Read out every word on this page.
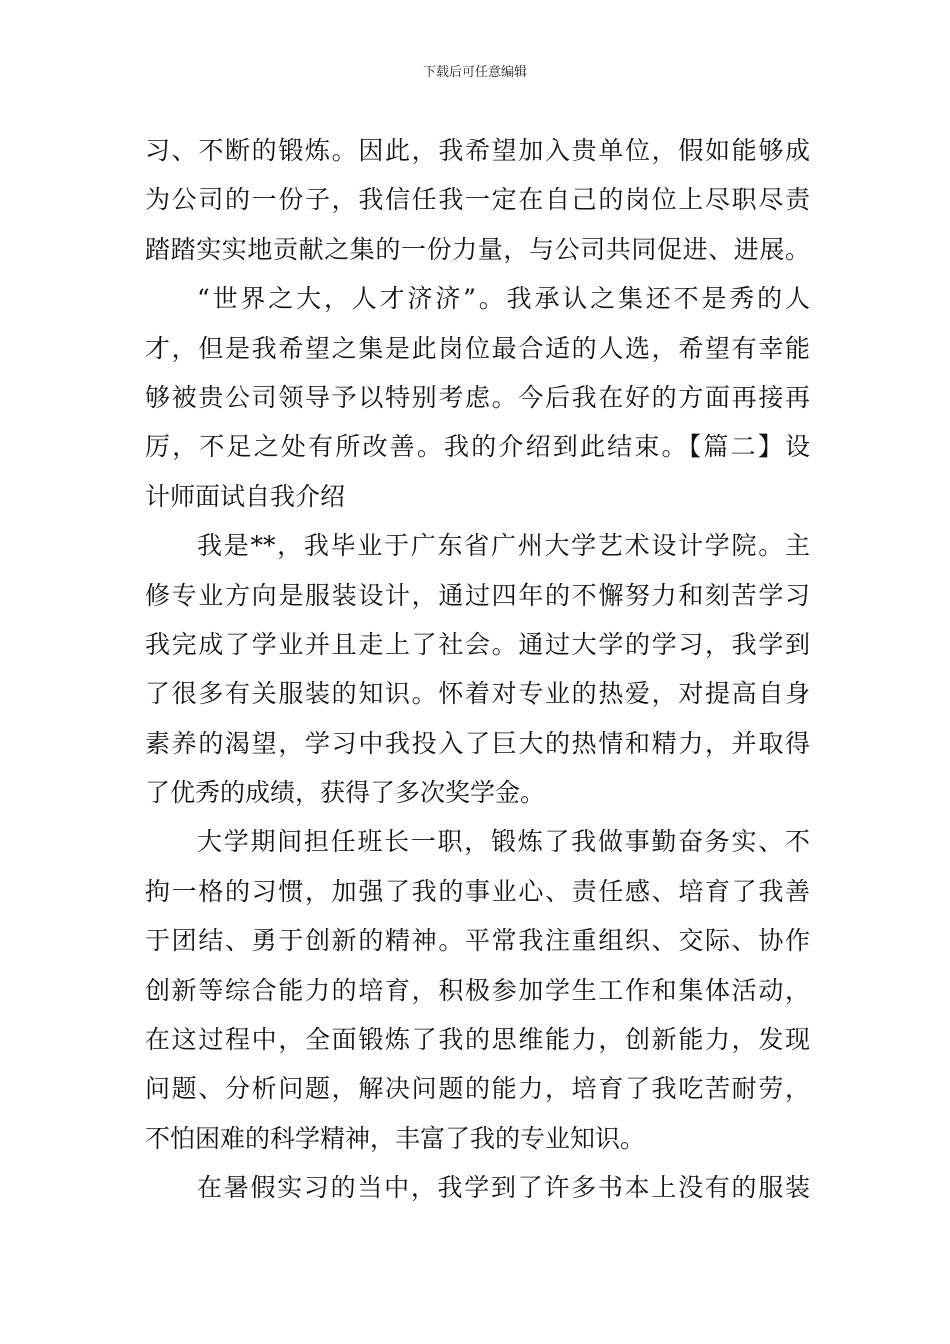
下载后可任意编辑
习、不断的锻炼。因此，我希望加入贵单位，假如能够成
为公司的一份子，我信任我一定在自己的岗位上尽职尽责
踏踏实实地贡献之集的一份力量，与公司共同促进、进展。
“世界之大，人才济济”。我承认之集还不是秀的人
才，但是我希望之集是此岗位最合适的人选，希望有幸能
够被贵公司领导予以特别考虑。今后我在好的方面再接再
厉，不足之处有所改善。我的介绍到此结束。【篇二】设
计师面试自我介绍
我是**，我毕业于广东省广州大学艺术设计学院。主
修专业方向是服装设计，通过四年的不懈努力和刻苦学习
我完成了学业并且走上了社会。通过大学的学习，我学到
了很多有关服装的知识。怀着对专业的热爱，对提高自身
素养的渴望，学习中我投入了巨大的热情和精力，并取得
了优秀的成绩，获得了多次奖学金。
大学期间担任班长一职，锻炼了我做事勤奋务实、不
拘一格的习惯，加强了我的事业心、责任感、培育了我善
于团结、勇于创新的精神。平常我注重组织、交际、协作
创新等综合能力的培育，积极参加学生工作和集体活动，
在这过程中，全面锻炼了我的思维能力，创新能力，发现
问题、分析问题，解决问题的能力，培育了我吃苦耐劳，
不怕困难的科学精神，丰富了我的专业知识。
在暑假实习的当中，我学到了许多书本上没有的服装
